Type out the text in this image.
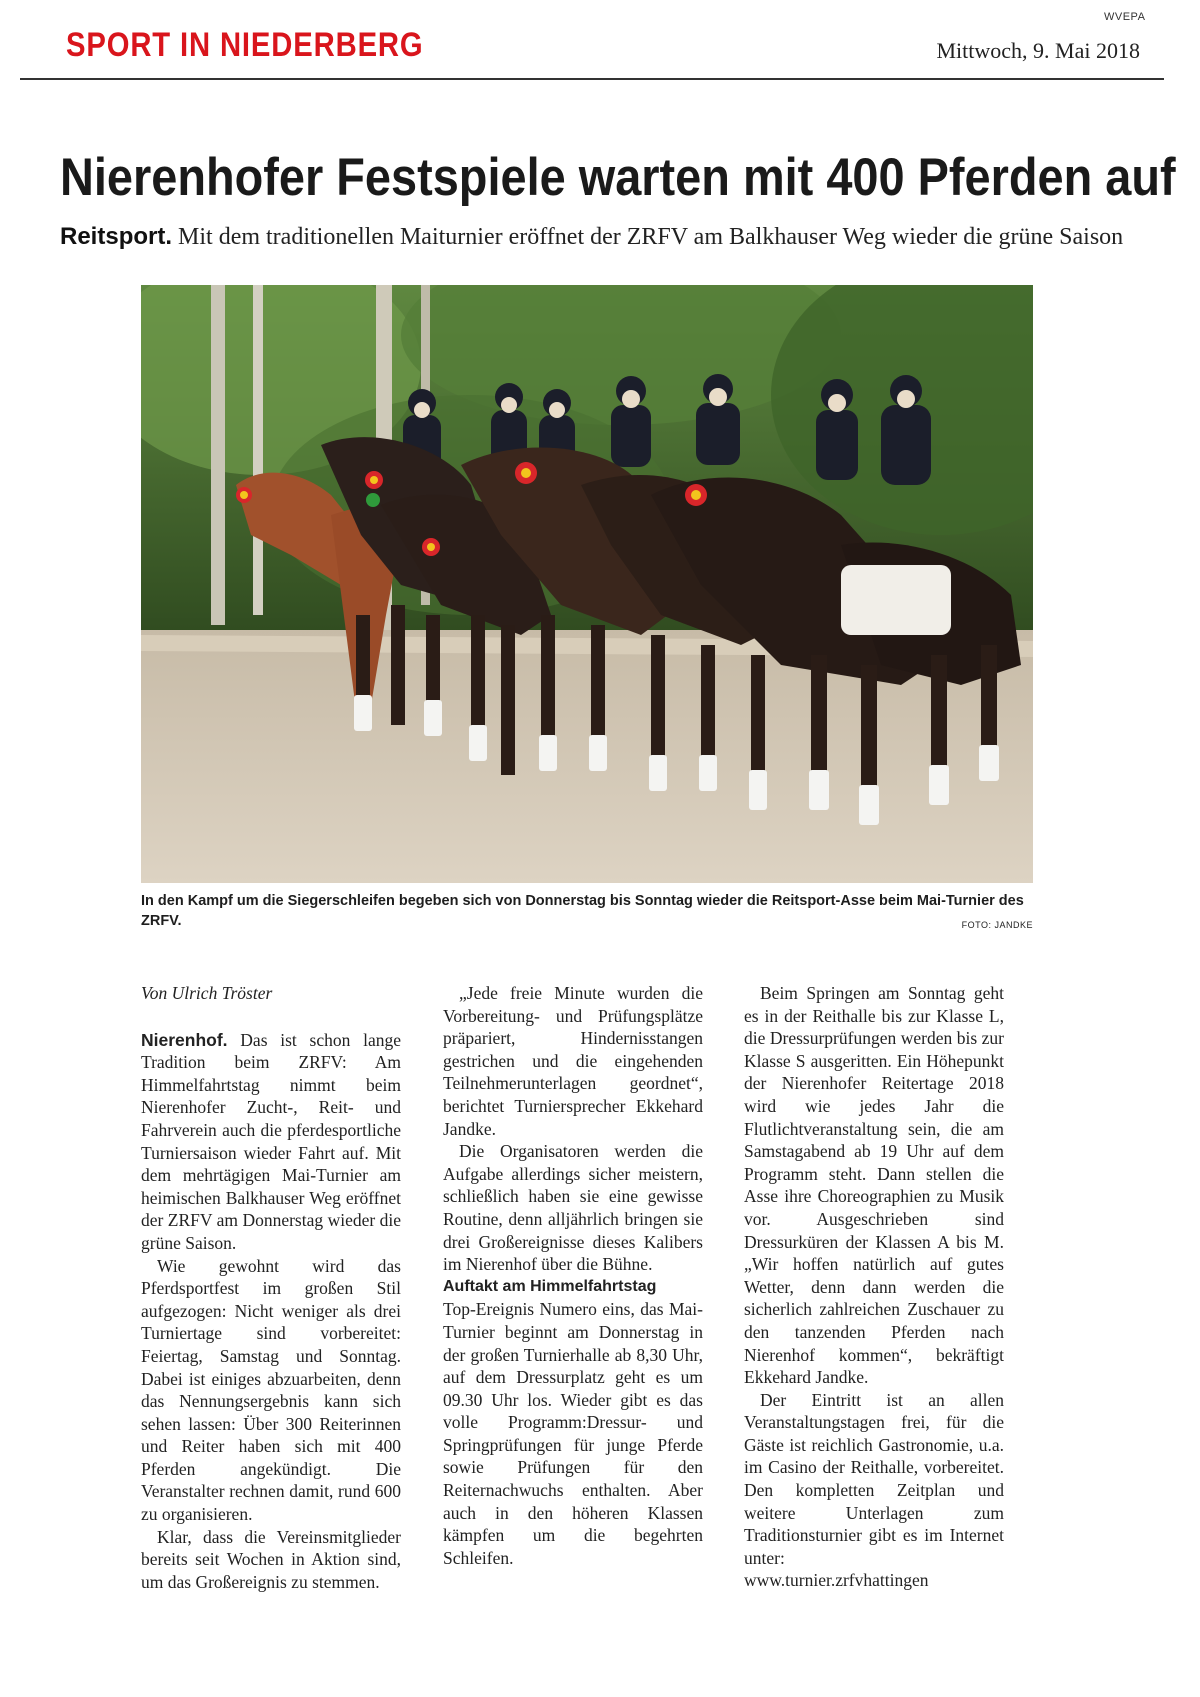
WVEPA
SPORT IN NIEDERBERG	Mittwoch, 9. Mai 2018
Nierenhofer Festspiele warten mit 400 Pferden auf
Reitsport. Mit dem traditionellen Maiturnier eröffnet der ZRFV am Balkhauser Weg wieder die grüne Saison
In den Kampf um die Siegerschleifen begeben sich von Donnerstag bis Sonntag wieder die Reitsport-Asse beim Mai-Turnier des ZRFV.	FOTO: JANDKE

Von Ulrich Tröster

Nierenhof. Das ist schon lange Tradition beim ZRFV: Am Himmelfahrtstag nimmt beim Nierenhofer Zucht-, Reit- und Fahrverein auch die pferdesportliche Turniersaison wieder Fahrt auf. Mit dem mehrtägigen Mai-Turnier am heimischen Balkhauser Weg eröffnet der ZRFV am Donnerstag wieder die grüne Saison.

Wie gewohnt wird das Pferdsportfest im großen Stil aufgezogen: Nicht weniger als drei Turniertage sind vorbereitet: Feiertag, Samstag und Sonntag. Dabei ist einiges abzuarbeiten, denn das Nennungsergebnis kann sich sehen lassen: Über 300 Reiterinnen und Reiter haben sich mit 400 Pferden angekündigt. Die Veranstalter rechnen damit, rund 600 zu organisieren.

Klar, dass die Vereinsmitglieder bereits seit Wochen in Aktion sind, um das Großereignis zu stemmen.

„Jede freie Minute wurden die Vorbereitung- und Prüfungsplätze präpariert, Hindernisstangen gestrichen und die eingehenden Teilnehmerunterlagen geordnet“, berichtet Turniersprecher Ekkehard Jandke.

Die Organisatoren werden die Aufgabe allerdings sicher meistern, schließlich haben sie eine gewisse Routine, denn alljährlich bringen sie drei Großereignisse dieses Kalibers im Nierenhof über die Bühne.

Auftakt am Himmelfahrtstag

Top-Ereignis Numero eins, das Mai-Turnier beginnt am Donnerstag in der großen Turnierhalle ab 8,30 Uhr, auf dem Dressurplatz geht es um 09.30 Uhr los. Wieder gibt es das volle Programm:Dressur- und Springprüfungen für junge Pferde sowie Prüfungen für den Reiternachwuchs enthalten. Aber auch in den höheren Klassen kämpfen um die begehrten Schleifen.

Beim Springen am Sonntag geht es in der Reithalle bis zur Klasse L, die Dressurprüfungen werden bis zur Klasse S ausgeritten. Ein Höhepunkt der Nierenhofer Reitertage 2018 wird wie jedes Jahr die Flutlichtveranstaltung sein, die am Samstagabend ab 19 Uhr auf dem Programm steht. Dann stellen die Asse ihre Choreographien zu Musik vor. Ausgeschrieben sind Dressurküren der Klassen A bis M. „Wir hoffen natürlich auf gutes Wetter, denn dann werden die sicherlich zahlreichen Zuschauer zu den tanzenden Pferden nach Nierenhof kommen“, bekräftigt Ekkehard Jandke.

Der Eintritt ist an allen Veranstaltungstagen frei, für die Gäste ist reichlich Gastronomie, u.a. im Casino der Reithalle, vorbereitet. Den kompletten Zeitplan und weitere Unterlagen zum Traditionsturnier gibt es im Internet unter:

www.turnier.zrfvhattingen
